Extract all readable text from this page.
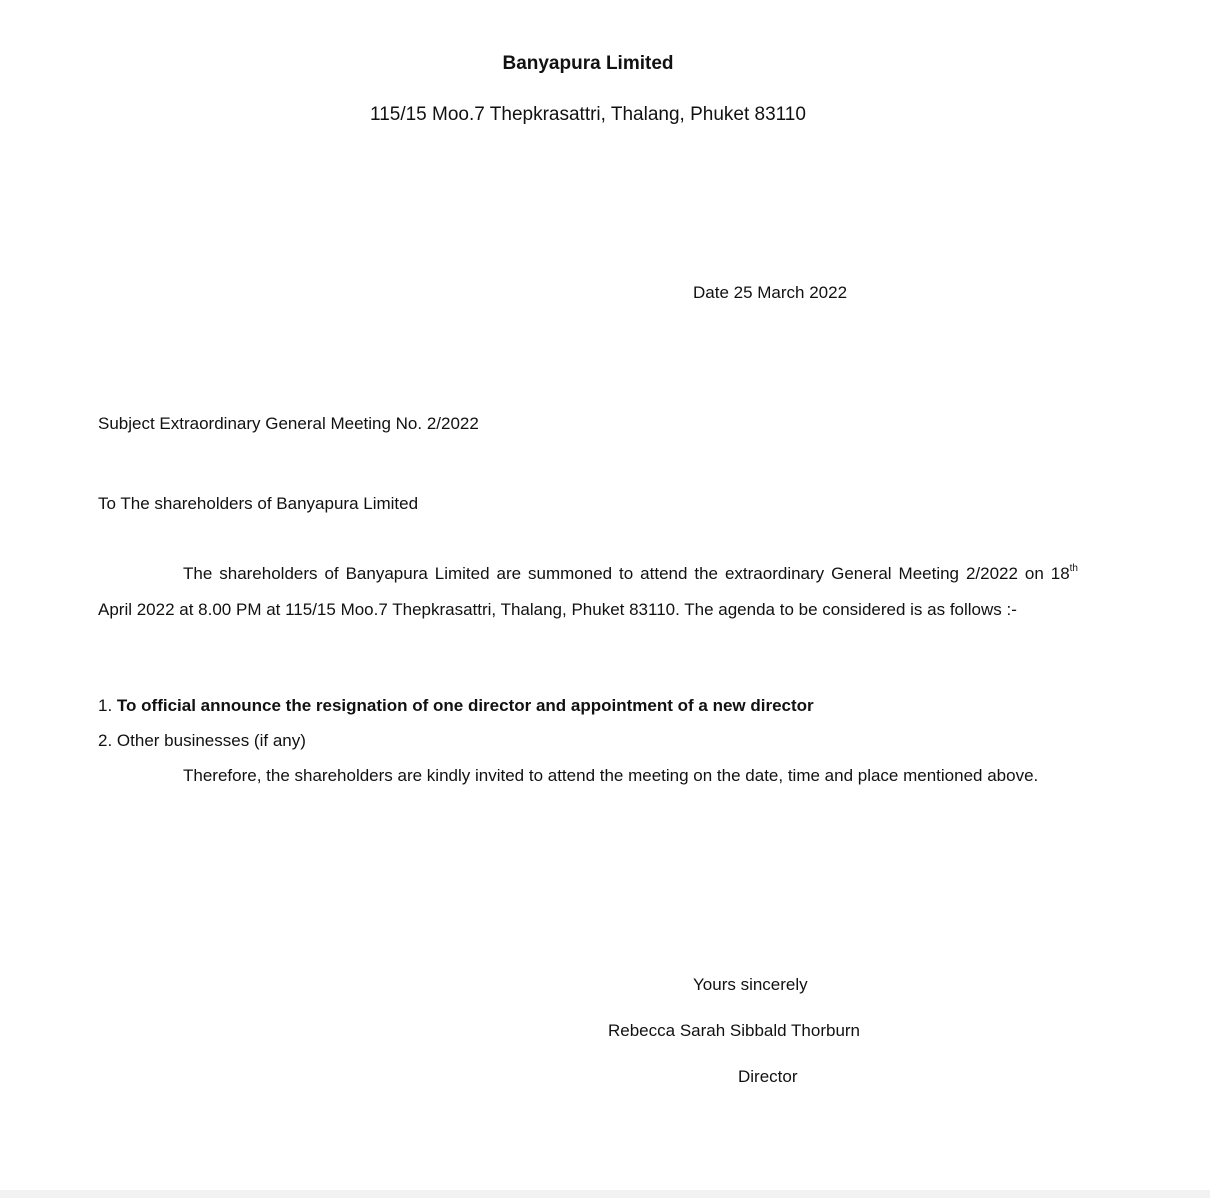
Banyapura Limited
115/15 Moo.7 Thepkrasattri, Thalang, Phuket 83110
Date 25 March 2022
Subject Extraordinary General Meeting No. 2/2022
To The shareholders of Banyapura Limited
The shareholders of Banyapura Limited are summoned to attend the extraordinary General Meeting 2/2022 on 18th April 2022 at 8.00 PM at 115/15 Moo.7 Thepkrasattri, Thalang, Phuket 83110. The agenda to be considered is as follows :-
1. To official announce the resignation of one director and appointment of a new director
2. Other businesses (if any)
Therefore, the shareholders are kindly invited to attend the meeting on the date, time and place mentioned above.
Yours sincerely
Rebecca Sarah Sibbald Thorburn
Director
